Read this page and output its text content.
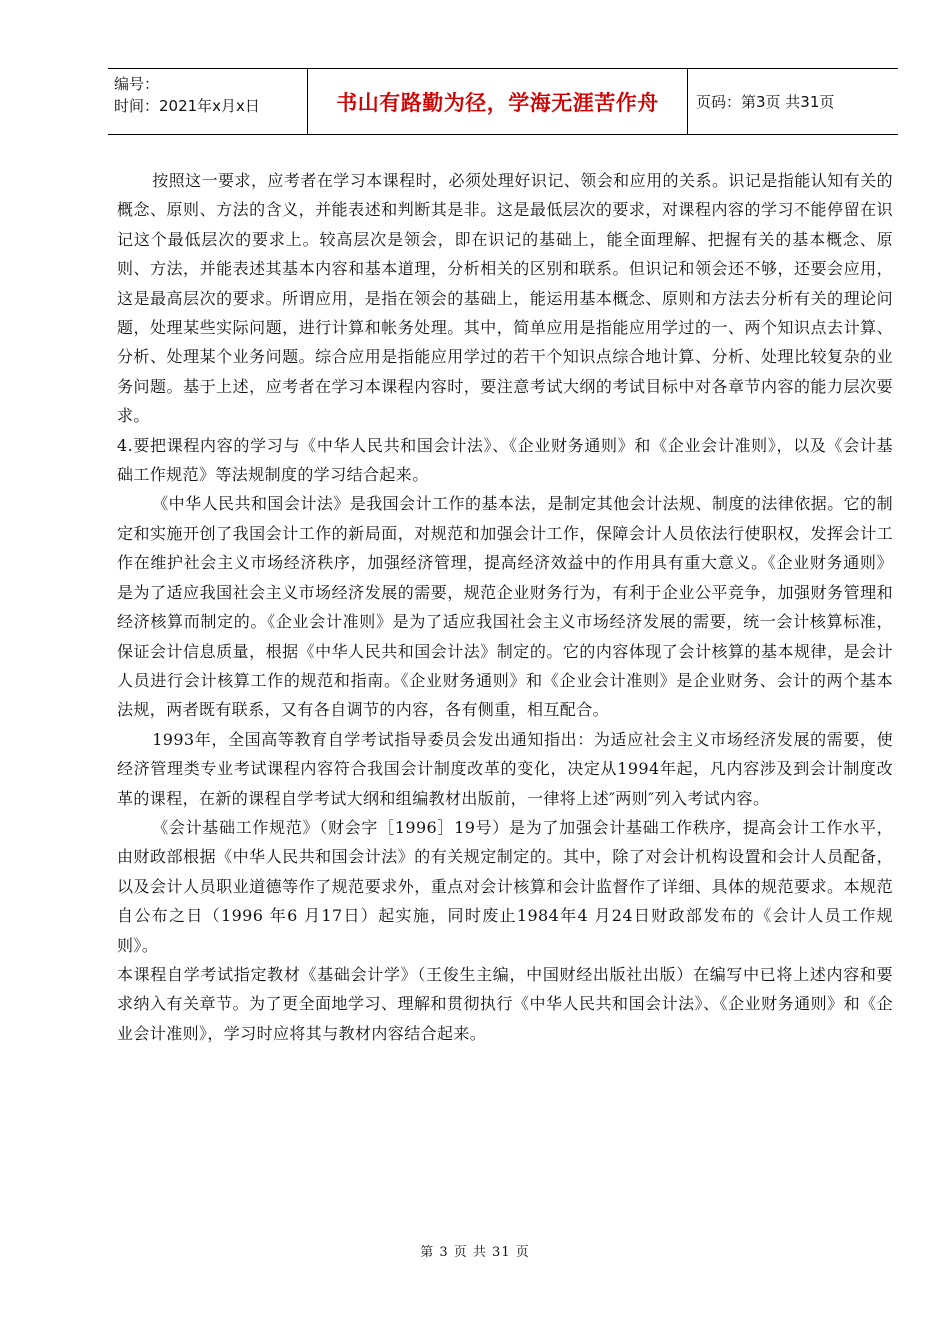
编号：
时间：2021年x月x日	书山有路勤为径，学海无涯苦作舟	页码：第3页 共31页

按照这一要求，应考者在学习本课程时，必须处理好识记、领会和应用的关系。识记是指能认知有关的概念、原则、方法的含义，并能表述和判断其是非。这是最低层次的要求，对课程内容的学习不能停留在识记这个最低层次的要求上。较高层次是领会，即在识记的基础上，能全面理解、把握有关的基本概念、原则、方法，并能表述其基本内容和基本道理，分析相关的区别和联系。但识记和领会还不够，还要会应用，这是最高层次的要求。所谓应用，是指在领会的基础上，能运用基本概念、原则和方法去分析有关的理论问题，处理某些实际问题，进行计算和帐务处理。其中，简单应用是指能应用学过的一、两个知识点去计算、分析、处理某个业务问题。综合应用是指能应用学过的若干个知识点综合地计算、分析、处理比较复杂的业务问题。基于上述，应考者在学习本课程内容时，要注意考试大纲的考试目标中对各章节内容的能力层次要求。

4.要把课程内容的学习与《中华人民共和国会计法》、《企业财务通则》和《企业会计准则》，以及《会计基础工作规范》等法规制度的学习结合起来。

《中华人民共和国会计法》是我国会计工作的基本法，是制定其他会计法规、制度的法律依据。它的制定和实施开创了我国会计工作的新局面，对规范和加强会计工作，保障会计人员依法行使职权，发挥会计工作在维护社会主义市场经济秩序，加强经济管理，提高经济效益中的作用具有重大意义。《企业财务通则》是为了适应我国社会主义市场经济发展的需要，规范企业财务行为，有利于企业公平竞争，加强财务管理和经济核算而制定的。《企业会计准则》是为了适应我国社会主义市场经济发展的需要，统一会计核算标准，保证会计信息质量，根据《中华人民共和国会计法》制定的。它的内容体现了会计核算的基本规律，是会计人员进行会计核算工作的规范和指南。《企业财务通则》和《企业会计准则》是企业财务、会计的两个基本法规，两者既有联系，又有各自调节的内容，各有侧重，相互配合。

1993年，全国高等教育自学考试指导委员会发出通知指出：为适应社会主义市场经济发展的需要，使经济管理类专业考试课程内容符合我国会计制度改革的变化，决定从1994年起，凡内容涉及到会计制度改革的课程，在新的课程自学考试大纲和组编教材出版前，一律将上述″两则″列入考试内容。

《会计基础工作规范》（财会字［1996］19号）是为了加强会计基础工作秩序，提高会计工作水平，由财政部根据《中华人民共和国会计法》的有关规定制定的。其中，除了对会计机构设置和会计人员配备，以及会计人员职业道德等作了规范要求外，重点对会计核算和会计监督作了详细、具体的规范要求。本规范自公布之日（1996 年6 月17日）起实施，同时废止1984年4 月24日财政部发布的《会计人员工作规则》。

本课程自学考试指定教材《基础会计学》（王俊生主编，中国财经出版社出版）在编写中已将上述内容和要求纳入有关章节。为了更全面地学习、理解和贯彻执行《中华人民共和国会计法》、《企业财务通则》和《企业会计准则》，学习时应将其与教材内容结合起来。

第 3 页 共 31 页
